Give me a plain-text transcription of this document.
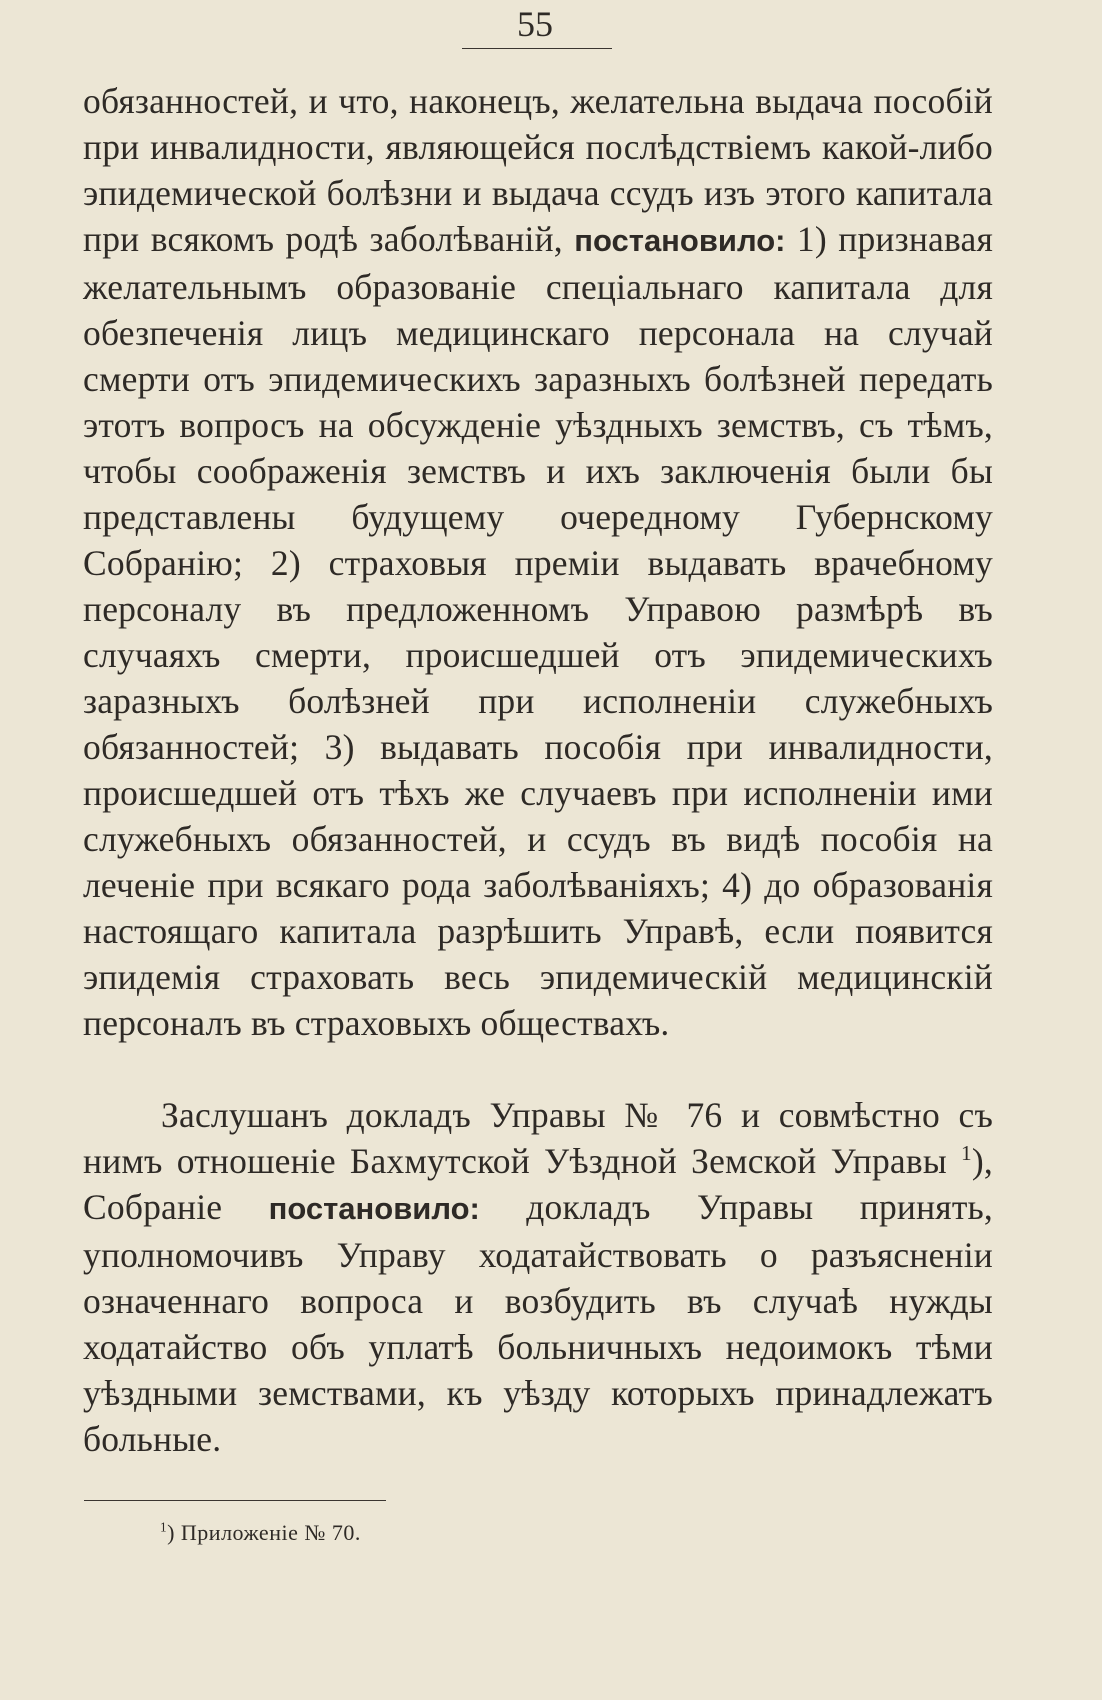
55

обязанностей, и что, наконецъ, желательна выдача пособій при инвалидности, являющейся послѣдствіемъ какой-либо эпидемической болѣзни и выдача ссудъ изъ этого капитала при всякомъ родѣ заболѣваній, постановило: 1) признавая желательнымъ образованіе спеціальнаго капитала для обезпеченія лицъ медицинскаго персонала на случай смерти отъ эпидемическихъ заразныхъ болѣзней передать этотъ вопросъ на обсужденіе уѣздныхъ земствъ, съ тѣмъ, чтобы соображенія земствъ и ихъ заключенія были бы представлены будущему очередному Губернскому Собранію; 2) страховыя преміи выдавать врачебному персоналу въ предложенномъ Управою размѣрѣ въ случаяхъ смерти, происшедшей отъ эпидемическихъ заразныхъ болѣзней при исполненіи служебныхъ обязанностей; 3) выдавать пособія при инвалидности, происшедшей отъ тѣхъ же случаевъ при исполненіи ими служебныхъ обязанностей, и ссудъ въ видѣ пособія на леченіе при всякаго рода заболѣваніяхъ; 4) до образованія настоящаго капитала разрѣшить Управѣ, если появится эпидемія страховать весь эпидемическій медицинскій персоналъ въ страховыхъ обществахъ.

Заслушанъ докладъ Управы № 76 и совмѣстно съ нимъ отношеніе Бахмутской Уѣздной Земской Управы $^1$), Собраніе постановило: докладъ Управы принять, уполномочивъ Управу ходатайствовать о разъясненіи означеннаго вопроса и возбудить въ случаѣ нужды ходатайство объ уплатѣ больничныхъ недоимокъ тѣми уѣздными земствами, къ уѣзду которыхъ принадлежатъ больные.

$^1$) Приложеніе № 70.
